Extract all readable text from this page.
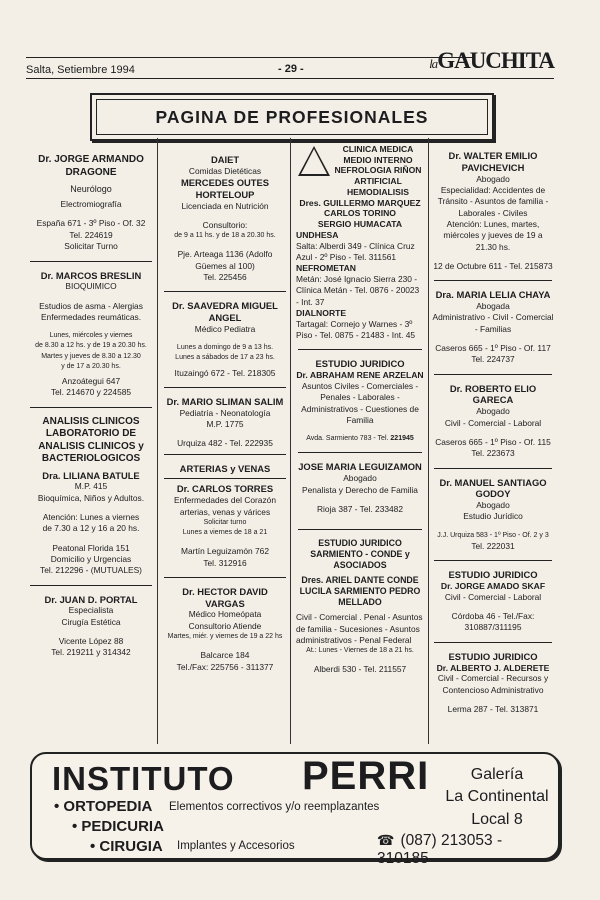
Salta, Setiembre 1994	- 29 -	laGAUCHITA
PAGINA DE PROFESIONALES
Dr. JORGE ARMANDO DRAGONE
Neurólogo
Electromiografía
España 671 - 3º Piso - Of. 32
Tel. 224619
Solicitar Turno
Dr. MARCOS BRESLIN
BIOQUIMICO
Estudios de asma - Alergias
Enfermedades reumáticas.
Lunes, miércoles y viernes
de 8.30 a 12 hs. y de 19 a 20.30 hs.
Martes y jueves de 8.30 a 12.30
y de 17 a 20.30 hs.
Anzoátegui 647
Tel. 214670 y 224585
ANALISIS CLINICOS LABORATORIO DE ANALISIS CLINICOS y BACTERIOLOGICOS
Dra. LILIANA BATULE
M.P. 415
Bioquímica, Niños y Adultos.
Atención: Lunes a viernes
de 7.30 a 12 y 16 a 20 hs.
Peatonal Florida 151
Domicilio y Urgencias
Tel. 212296 - (MUTUALES)
Dr. JUAN D. PORTAL
Especialista
Cirugía Estética
Vicente López 88
Tel. 219211 y 314342
DAIET
Comidas Dietéticas
MERCEDES OUTES HORTELOUP
Licenciada en Nutrición
Consultorio:
de 9 a 11 hs. y de 18 a 20.30 hs.
Pje. Arteaga 1136 (Adolfo Güemes al 100)
Tel. 225456
Dr. SAAVEDRA MIGUEL ANGEL
Médico Pediatra
Lunes a domingo de 9 a 13 hs.
Lunes a sábados de 17 a 23 hs.
Ituzaingó 672 - Tel. 218305
Dr. MARIO SLIMAN SALIM
Pediatría - Neonatología
M.P. 1775
Urquiza 482 - Tel. 222935
ARTERIAS y VENAS
Dr. CARLOS TORRES
Enfermedades del Corazón
arterias, venas y várices
Solicitar turno
Lunes a viernes de 18 a 21
Martín Leguizamón 762
Tel. 312916
Dr. HECTOR DAVID VARGAS
Médico Homeópata
Consultorio Atiende
Martes, miér. y viernes de 19 a 22 hs
Balcarce 184
Tel./Fax: 225756 - 311377
CLINICA MEDICA MEDIO INTERNO NEFROLOGIA RIÑON ARTIFICIAL HEMODIALISIS
Dres. GUILLERMO MARQUEZ
CARLOS TORINO
SERGIO HUMACATA
UNDHESA
Salta: Alberdi 349 - Clínica Cruz Azul - 2º Piso - Tel. 311561
NEFROMETAN
Metán: José Ignacio Sierra 230 - Clínica Metán - Tel. 0876 - 20023 - Int. 37
DIALNORTE
Tartagal: Cornejo y Warnes - 3º Piso - Tel. 0875 - 21483 - Int. 45
ESTUDIO JURIDICO
Dr. ABRAHAM RENE ARZELAN
Asuntos Civiles - Comerciales - Penales - Laborales - Administrativos - Cuestiones de Familia
Avda. Sarmiento 783 - Tel. 221945
JOSE MARIA LEGUIZAMON
Abogado
Penalista y Derecho de Familia
Rioja 387 - Tel. 233482
ESTUDIO JURIDICO SARMIENTO - CONDE y ASOCIADOS
Dres. ARIEL DANTE CONDE LUCILA SARMIENTO PEDRO MELLADO
Civil - Comercial . Penal - Asuntos de familia - Sucesiones - Asuntos administrativos - Penal Federal
At.: Lunes - Viernes de 18 a 21 hs.
Alberdi 530 - Tel. 211557
Dr. WALTER EMILIO PAVICHEVICH
Abogado
Especialidad: Accidentes de Tránsito - Asuntos de familia - Laborales - Civiles
Atención: Lunes, martes, miércoles y jueves de 19 a 21.30 hs.
12 de Octubre 611 - Tel. 215873
Dra. MARIA LELIA CHAYA
Abogada
Administrativo - Civil - Comercial - Familias
Caseros 665 - 1º Piso - Of. 117
Tel. 224737
Dr. ROBERTO ELIO GARECA
Abogado
Civil - Comercial - Laboral
Caseros 665 - 1º Piso - Of. 115
Tel. 223673
Dr. MANUEL SANTIAGO GODOY
Abogado
Estudio Jurídico
J.J. Urquiza 583 - 1º Piso - Of. 2 y 3
Tel. 222031
ESTUDIO JURIDICO
Dr. JORGE AMADO SKAF
Civil - Comercial - Laboral
Córdoba 46 - Tel./Fax: 310887/311195
ESTUDIO JURIDICO
Dr. ALBERTO J. ALDERETE
Civil - Comercial - Recursos y Contencioso Administrativo
Lerma 287 - Tel. 313871
INSTITUTO PERRI
• ORTOPEDIA Elementos correctivos y/o reemplazantes
• PEDICURIA
• CIRUGIA Implantes y Accesorios
Galería
La Continental
Local 8
☎ (087) 213053 - 310185
